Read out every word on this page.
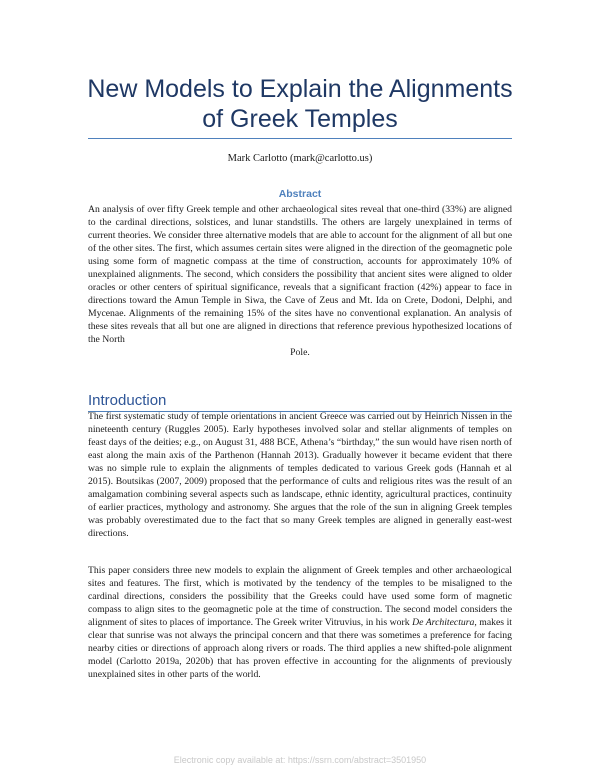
New Models to Explain the Alignments
of Greek Temples
Mark Carlotto (mark@carlotto.us)
Abstract

An analysis of over fifty Greek temple and other archaeological sites reveal that one-third (33%) are aligned to the cardinal directions, solstices, and lunar standstills. The others are largely unexplained in terms of current theories. We consider three alternative models that are able to account for the alignment of all but one of the other sites. The first, which assumes certain sites were aligned in the direction of the geomagnetic pole using some form of magnetic compass at the time of construction, accounts for approximately 10% of unexplained alignments. The second, which considers the possibility that ancient sites were aligned to older oracles or other centers of spiritual significance, reveals that a significant fraction (42%) appear to face in directions toward the Amun Temple in Siwa, the Cave of Zeus and Mt. Ida on Crete, Dodoni, Delphi, and Mycenae. Alignments of the remaining 15% of the sites have no conventional explanation. An analysis of these sites reveals that all but one are aligned in directions that reference previous hypothesized locations of the North
Pole.

Introduction

The first systematic study of temple orientations in ancient Greece was carried out by Heinrich Nissen in the nineteenth century (Ruggles 2005). Early hypotheses involved solar and stellar alignments of temples on feast days of the deities; e.g., on August 31, 488 BCE, Athena’s “birthday,” the sun would have risen north of east along the main axis of the Parthenon (Hannah 2013). Gradually however it became evident that there was no simple rule to explain the alignments of temples dedicated to various Greek gods (Hannah et al 2015). Boutsikas (2007, 2009) proposed that the performance of cults and religious rites was the result of an amalgamation combining several aspects such as landscape, ethnic identity, agricultural practices, continuity of earlier practices, mythology and astronomy. She argues that the role of the sun in aligning Greek temples was probably overestimated due to the fact that so many Greek temples are aligned in generally east-west directions.

This paper considers three new models to explain the alignment of Greek temples and other archaeological sites and features. The first, which is motivated by the tendency of the temples to be misaligned to the cardinal directions, considers the possibility that the Greeks could have used some form of magnetic compass to align sites to the geomagnetic pole at the time of construction. The second model considers the alignment of sites to places of importance. The Greek writer Vitruvius, in his work De Architectura, makes it clear that sunrise was not always the principal concern and that there was sometimes a preference for facing nearby cities or directions of approach along rivers or roads. The third applies a new shifted-pole alignment model (Carlotto 2019a, 2020b) that has proven effective in accounting for the alignments of previously unexplained sites in other parts of the world.

Electronic copy available at: https://ssrn.com/abstract=3501950
